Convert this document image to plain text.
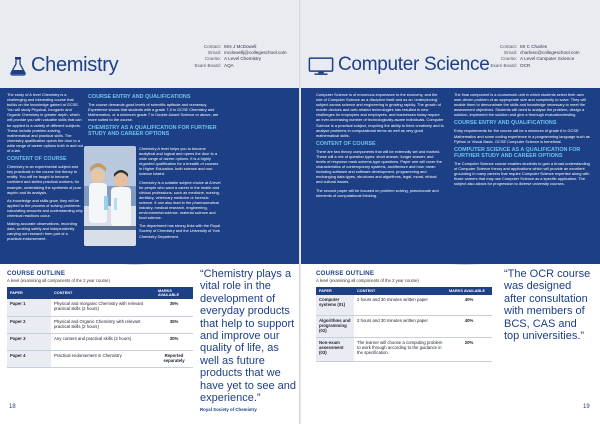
Chemistry
Contact: Mrs J McDowell
Email: mcdowellj@collegeschool.com
Course: A Level Chemistry
Exam Board: AQA

The study of A level Chemistry is a challenging and interesting course that builds on the knowledge gained at GCSE. You will study Physical, Inorganic and Organic Chemistry in greater depth, which will provide you with valuable skills that can be applied to a variety of different subjects. These include problem-solving, mathematical and practical skills. The chemistry qualification opens the door to a wide range of career options both in and out of a lab.

CONTENT OF COURSE

Chemistry is an experimental subject and key practicals in the course link theory to reality. You will be taught to become confident and skilled practical workers; for example, undertaking the synthesis of pure aspirin and its analysis.

As knowledge and skills grow, they will be applied to the process of solving problems: calculating amounts and understanding why chemical reactions occur.

Making accurate observations, recording data, working safely and independently carrying out research form part of a practical endorsement.

COURSE ENTRY AND QUALIFICATIONS

The course demands good levels of scientific aptitude and numeracy. Experience shows that students with a grade 7-9 in GCSE Chemistry and Mathematics, or a minimum grade 7 in Double Award Science or above, are more suited to the course.

CHEMISTRY AS A QUALIFICATION FOR FURTHER STUDY AND CAREER OPTIONS

Chemistry A level helps you to become analytical and logical and opens the door to a wide range of career options. It is a highly regarded qualification for a breadth of courses in Higher Education, both science and non-science based.

Chemistry is a suitable subject choice at A level for people who want a career in the health and clinical professions, such as medicine, nursing, dentistry, veterinary medicine or forensic science. It can also lead to the pharmaceutical industry, medical research, engineering, environmental science, material science and food science.

The department has strong links with the Royal Society of Chemistry and the University of York Chemistry Department.

COURSE OUTLINE
A level (examining all components of the 2 year course)
PAPER	CONTENT	MARKS AVAILABLE
Paper 1	Physical and Inorganic Chemistry with relevant practical skills (2 hours)	35%
Paper 2	Physical and Organic Chemistry with relevant practical skills (2 hours)	35%
Paper 3	Any content and practical skills (2 hours)	30%
Paper 4	Practical endorsement in Chemistry	Reported separately
“Chemistry plays a vital role in the development of everyday products that help to support and improve our quality of life, as well as future products that we have yet to see and experience.”
Royal Society of Chemistry
18
Computer Science
Contact: Mr C Charles
Email: charlesc@collegeschool.com
Course: A Level Computer Science
Exam Board: OCR

Computer Science is of enormous importance to the economy, and the role of Computer Science as a discipline itself and as an 'underpinning' subject across science and engineering is growing rapidly. The growth of mobile devices and web-related technologies has resulted in new challenges for employers and employees, and businesses today require an ever-increasing number of technologically-aware individuals. Computer Science is a practical subject, requiring the ability to think creatively and to analyse problems in computational terms as well as very good mathematical skills.

CONTENT OF COURSE

There are two theory components that will be externally set and marked. These will a mix of question types: short answer, longer answer, and levels of response mark scheme-type questions. Paper one will cover the characteristics of contemporary systems, architecture and how, mean including software and software development, programming and exchanging data types, structures and algorithms, legal, moral, ethical and cultural issues.

The second paper will be focused on problem solving, pseudocode and elements of computational thinking.

The final component is a coursework unit in which students select their own user-driven problem of an appropriate size and complexity to solve. They will enable them to demonstrate the skills and knowledge necessary to meet the assessment objectives. Students will need to analyse the problem, design a solution, implement the solution and give a thorough evaluation/testing.

COURSE ENTRY AND QUALIFICATIONS

Entry requirements for the course will be a minimum of grade 6 in GCSE Mathematics and some coding experience in a programming language such as Python or Visual Basic. GCSE Computer Science is beneficial.

COMPUTER SCIENCE AS A QUALIFICATION FOR FURTHER STUDY AND CAREER OPTIONS

The Computer Science course enables students to gain a broad understanding of Computer Science theory and applications which will provide an excellent grounding in many careers that require Computer Science expertise along with those careers that may use Computer Science as a specific application. The subject also allows for progression to diverse university courses.

COURSE OUTLINE
A level (examining all components of the 2 year course)
PAPER	CONTENT	MARKS AVAILABLE
Computer systems (01)	2 hours and 30 minutes written paper	40%
Algorithms and programming (02)	2 hours and 30 minutes written paper	40%
Non-exam assessment (03)	The learner will choose a computing problem to work through according to the guidance in the specification.	20%
“The OCR course was designed after consultation with members of BCS, CAS and top universities.”
19
